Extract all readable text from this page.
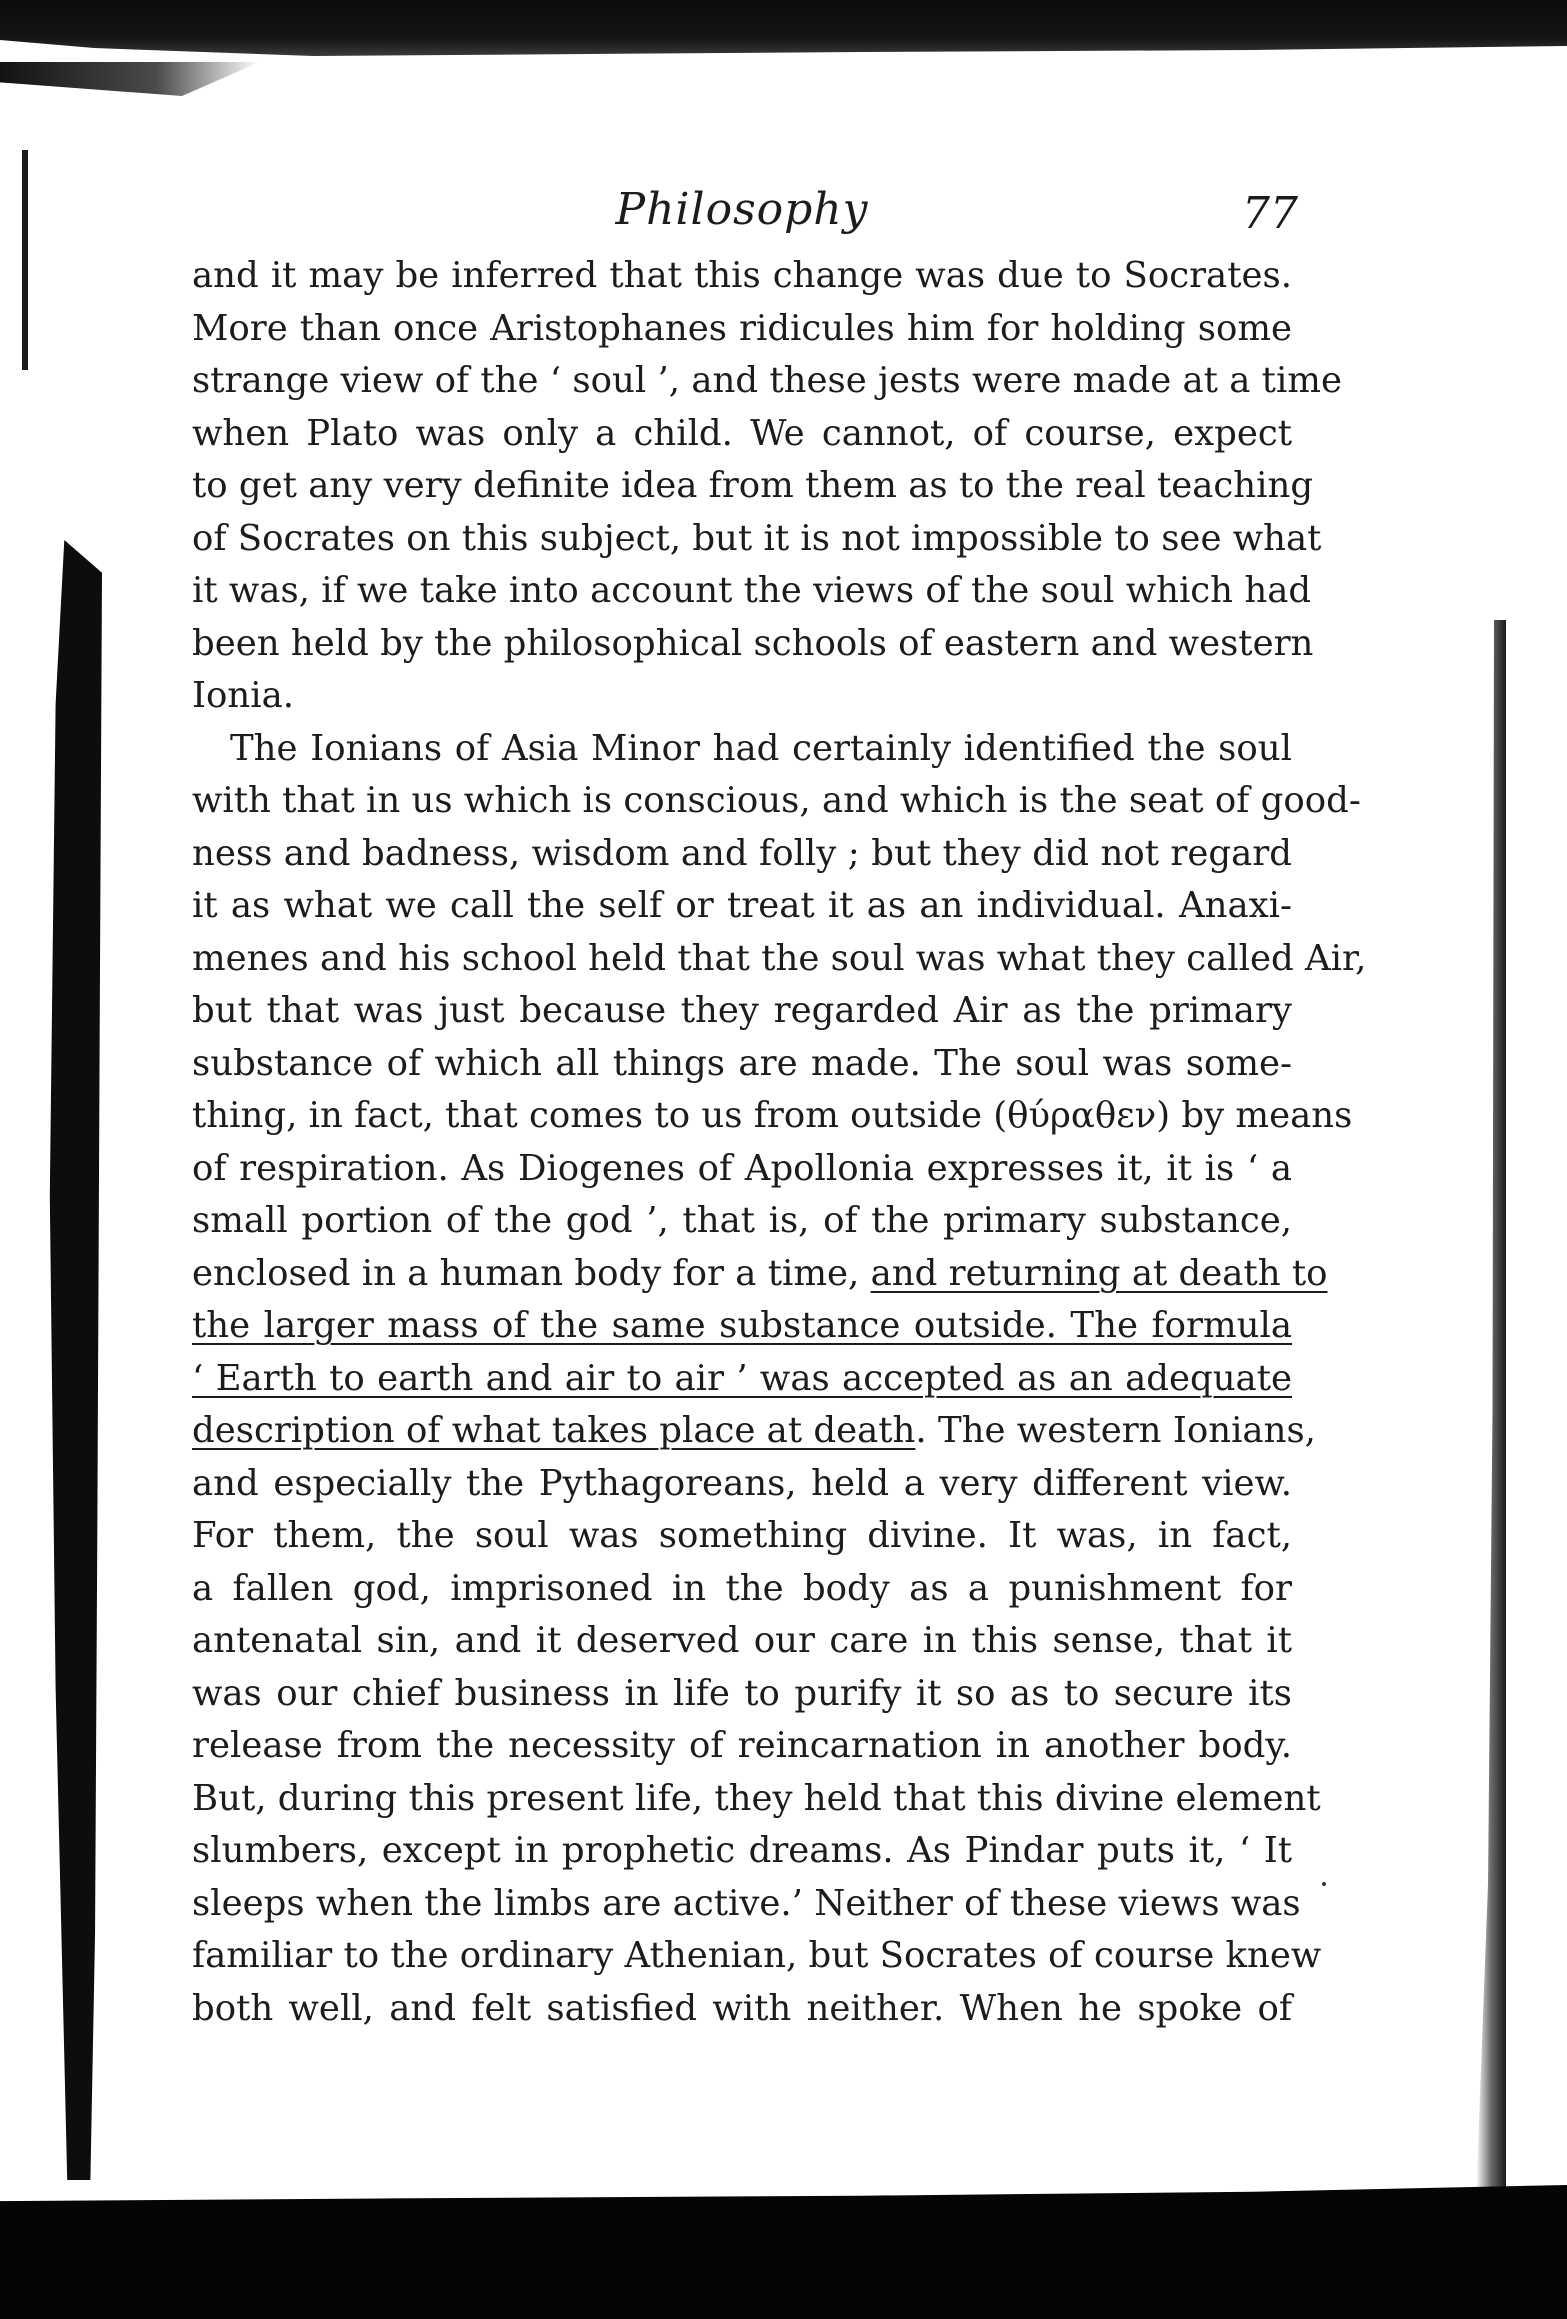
Philosophy	77
and it may be inferred that this change was due to Socrates.
More than once Aristophanes ridicules him for holding some
strange view of the ‘ soul ’, and these jests were made at a time
when Plato was only a child. We cannot, of course, expect
to get any very definite idea from them as to the real teaching
of Socrates on this subject, but it is not impossible to see what
it was, if we take into account the views of the soul which had
been held by the philosophical schools of eastern and western
Ionia.
The Ionians of Asia Minor had certainly identified the soul
with that in us which is conscious, and which is the seat of good-
ness and badness, wisdom and folly ; but they did not regard
it as what we call the self or treat it as an individual. Anaxi-
menes and his school held that the soul was what they called Air,
but that was just because they regarded Air as the primary
substance of which all things are made. The soul was some-
thing, in fact, that comes to us from outside (θύραθεν) by means
of respiration. As Diogenes of Apollonia expresses it, it is ‘ a
small portion of the god ’, that is, of the primary substance,
enclosed in a human body for a time, and returning at death to
the larger mass of the same substance outside. The formula
‘ Earth to earth and air to air ’ was accepted as an adequate
description of what takes place at death. The western Ionians,
and especially the Pythagoreans, held a very different view.
For them, the soul was something divine. It was, in fact,
a fallen god, imprisoned in the body as a punishment for
antenatal sin, and it deserved our care in this sense, that it
was our chief business in life to purify it so as to secure its
release from the necessity of reincarnation in another body.
But, during this present life, they held that this divine element
slumbers, except in prophetic dreams. As Pindar puts it, ‘ It
sleeps when the limbs are active.’ Neither of these views was
familiar to the ordinary Athenian, but Socrates of course knew
both well, and felt satisfied with neither. When he spoke of
